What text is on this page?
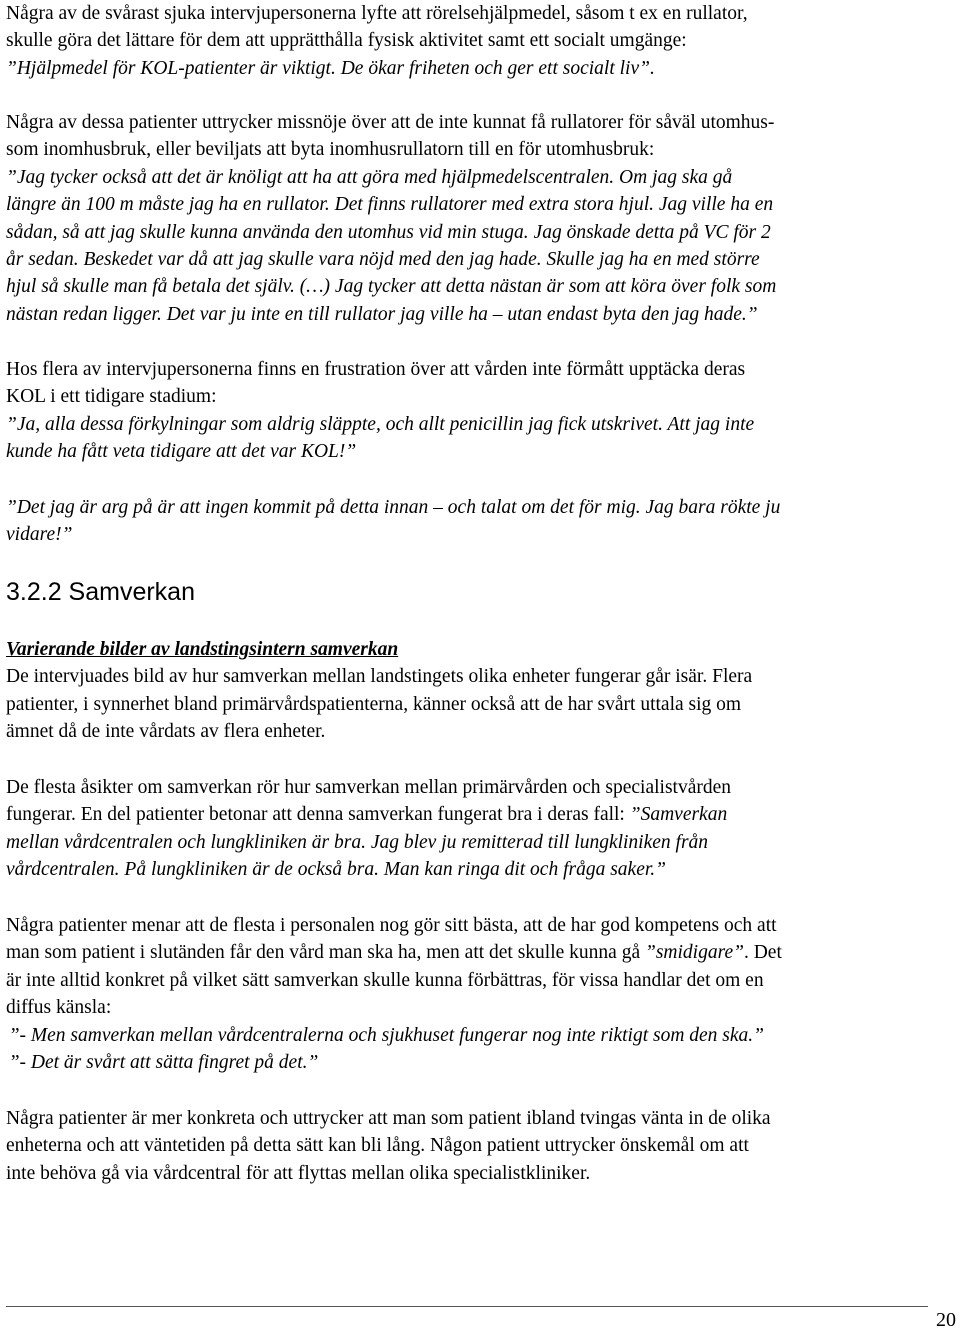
Några av de svårast sjuka intervjupersonerna lyfte att rörelsehjälpmedel, såsom t ex en rullator,
skulle göra det lättare för dem att upprätthålla fysisk aktivitet samt ett socialt umgänge:
”Hjälpmedel för KOL-patienter är viktigt. De ökar friheten och ger ett socialt liv”.
Några av dessa patienter uttrycker missnöje över att de inte kunnat få rullatorer för såväl utomhus-
som inomhusbruk, eller beviljats att byta inomhusrullatorn till en för utomhusbruk:
”Jag tycker också att det är knöligt att ha att göra med hjälpmedelscentralen. Om jag ska gå
längre än 100 m måste jag ha en rullator. Det finns rullatorer med extra stora hjul. Jag ville ha en
sådan, så att jag skulle kunna använda den utomhus vid min stuga. Jag önskade detta på VC för 2
år sedan. Beskedet var då att jag skulle vara nöjd med den jag hade. Skulle jag ha en med större
hjul så skulle man få betala det själv. (…) Jag tycker att detta nästan är som att köra över folk som
nästan redan ligger. Det var ju inte en till rullator jag ville ha – utan endast byta den jag hade.”
Hos flera av intervjupersonerna finns en frustration över att vården inte förmått upptäcka deras
KOL i ett tidigare stadium:
”Ja, alla dessa förkylningar som aldrig släppte, och allt penicillin jag fick utskrivet. Att jag inte
kunde ha fått veta tidigare att det var KOL!”
”Det jag är arg på är att ingen kommit på detta innan – och talat om det för mig. Jag bara rökte ju
vidare!”
3.2.2 Samverkan
Varierande bilder av landstingsintern samverkan
De intervjuades bild av hur samverkan mellan landstingets olika enheter fungerar går isär. Flera
patienter, i synnerhet bland primärvårdspatienterna, känner också att de har svårt uttala sig om
ämnet då de inte vårdats av flera enheter.
De flesta åsikter om samverkan rör hur samverkan mellan primärvården och specialistvården
fungerar. En del patienter betonar att denna samverkan fungerat bra i deras fall: ”Samverkan
mellan vårdcentralen och lungkliniken är bra. Jag blev ju remitterad till lungkliniken från
vårdcentralen. På lungkliniken är de också bra. Man kan ringa dit och fråga saker.”
Några patienter menar att de flesta i personalen nog gör sitt bästa, att de har god kompetens och att
man som patient i slutänden får den vård man ska ha, men att det skulle kunna gå ”smidigare”. Det
är inte alltid konkret på vilket sätt samverkan skulle kunna förbättras, för vissa handlar det om en
diffus känsla:
”- Men samverkan mellan vårdcentralerna och sjukhuset fungerar nog inte riktigt som den ska.”
”- Det är svårt att sätta fingret på det.”
Några patienter är mer konkreta och uttrycker att man som patient ibland tvingas vänta in de olika
enheterna och att väntetiden på detta sätt kan bli lång. Någon patient uttrycker önskemål om att
inte behöva gå via vårdcentral för att flyttas mellan olika specialistkliniker.
20
